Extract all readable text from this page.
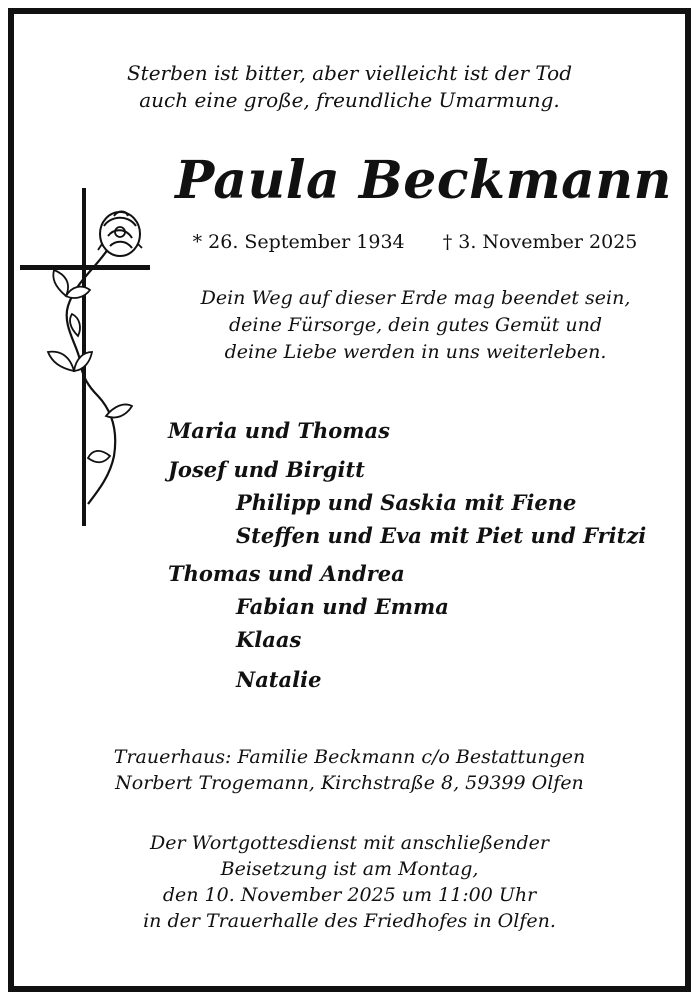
Sterben ist bitter, aber vielleicht ist der Tod
auch eine große, freundliche Umarmung.
Paula Beckmann
* 26. September 1934 † 3. November 2025
Dein Weg auf dieser Erde mag beendet sein,
deine Fürsorge, dein gutes Gemüt und
deine Liebe werden in uns weiterleben.
Maria und Thomas
Josef und Birgitt
Philipp und Saskia mit Fiene
Steffen und Eva mit Piet und Fritzi
Thomas und Andrea
Fabian und Emma
Klaas
Natalie
Trauerhaus: Familie Beckmann c/o Bestattungen
Norbert Trogemann, Kirchstraße 8, 59399 Olfen
Der Wortgottesdienst mit anschließender
Beisetzung ist am Montag,
den 10. November 2025 um 11:00 Uhr
in der Trauerhalle des Friedhofes in Olfen.
